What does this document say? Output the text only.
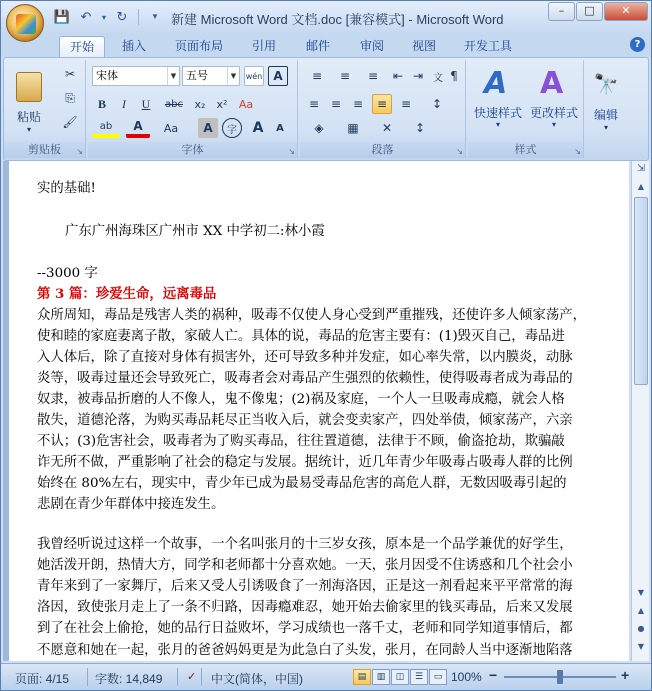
💾 ↶	▾ ↻	▾	新建 Microsoft Word 文档.doc [兼容模式] - Microsoft Word
–	□	✕
开始	插入	页面布局	引用	邮件	审阅	视图	开发工具	?
粘贴
▾
✂
⎘
🖌
剪贴板	↘
宋体	▼ 五号	▼	wén A
B	I	U	abc	x₂	x²	Aa
ab	A	Aa	A	字	A	A
字体	↘
≡	≡	≡	⇤ ⇥ 文 ¶
≡ ≡ ≡	≡	≡	↕
◈	▦	✕	↕
段落	↘
A
快速样式
▾
A
更改样式
▾
样式	↘
🔭
编辑
▾
实的基础!
广东广州海珠区广州市 XX 中学初二:林小霞
--3000 字
第 3 篇：珍爱生命，远离毒品
众所周知，毒品是残害人类的祸种，吸毒不仅使人身心受到严重摧残，还使许多人倾家荡产，
使和睦的家庭妻离子散，家破人亡。具体的说，毒品的危害主要有：(1)毁灭自己，毒品进
入人体后，除了直接对身体有损害外，还可导致多种并发症，如心率失常，以内膜炎，动脉
炎等，吸毒过量还会导致死亡，吸毒者会对毒品产生强烈的依赖性，使得吸毒者成为毒品的
奴隶，被毒品折磨的人不像人，鬼不像鬼；(2)祸及家庭，一个人一旦吸毒成瘾，就会人格
散失，道德沦落，为购买毒品耗尽正当收入后，就会变卖家产，四处举债，倾家荡产，六亲
不认；(3)危害社会，吸毒者为了购买毒品，往往置道德，法律于不顾，偷盗抢劫，欺骗敲
诈无所不做，严重影响了社会的稳定与发展。据统计，近几年青少年吸毒占吸毒人群的比例
始终在 80%左右，现实中，青少年已成为最易受毒品危害的高危人群，无数因吸毒引起的
悲剧在青少年群体中接连发生。
我曾经听说过这样一个故事，一个名叫张月的十三岁女孩，原本是一个品学兼优的好学生，
她活泼开朗，热情大方，同学和老师都十分喜欢她。一天，张月因受不住诱惑和几个社会小
青年来到了一家舞厅，后来又受人引诱吸食了一剂海洛因，正是这一剂看起来平平常常的海
洛因，致使张月走上了一条不归路，因毒瘾难忍，她开始去偷家里的钱买毒品，后来又发展
到了在社会上偷抢，她的品行日益败坏，学习成绩也一落千丈，老师和同学知道事情后，都
不愿意和她在一起，张月的爸爸妈妈更是为此急白了头发，张月，在同龄人当中逐渐地陷落
⇲
▲
▼
▲
●
▼
页面: 4/15 字数: 14,849 ✓ 中文(简体，中国)	▤	▥	◫	☰	▭ 100% −	+
